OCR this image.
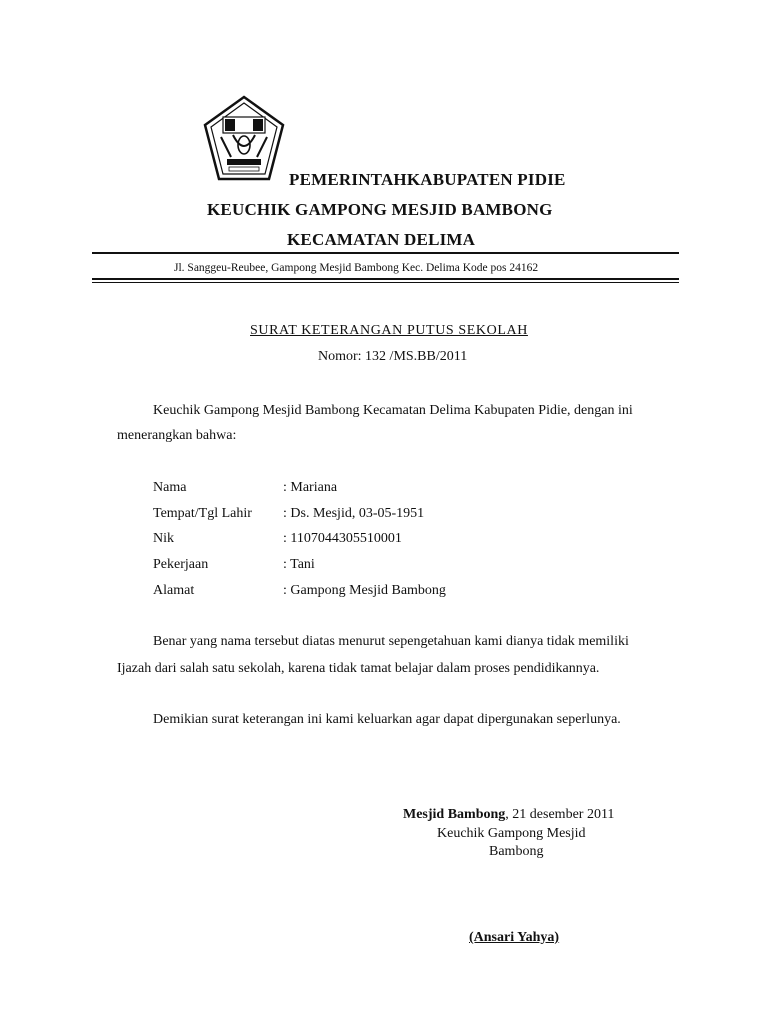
PEMERINTAHKABUPATEN PIDIE
KEUCHIK GAMPONG MESJID BAMBONG
KECAMATAN DELIMA
Jl. Sanggeu-Reubee, Gampong Mesjid Bambong Kec. Delima Kode pos 24162
SURAT KETERANGAN PUTUS SEKOLAH
Nomor: 132 /MS.BB/2011
Keuchik Gampong Mesjid Bambong Kecamatan Delima Kabupaten Pidie, dengan ini
menerangkan bahwa:
Nama	: Mariana
Tempat/Tgl Lahir : Ds. Mesjid, 03-05-1951
Nik	: 1107044305510001
Pekerjaan	: Tani
Alamat	: Gampong Mesjid Bambong
Benar yang nama tersebut diatas menurut sepengetahuan kami dianya tidak memiliki
Ijazah dari salah satu sekolah, karena tidak tamat belajar dalam proses pendidikannya.
Demikian surat keterangan ini kami keluarkan agar dapat dipergunakan seperlunya.
Mesjid Bambong, 21 desember 2011
Keuchik Gampong Mesjid
Bambong
(Ansari Yahya)
